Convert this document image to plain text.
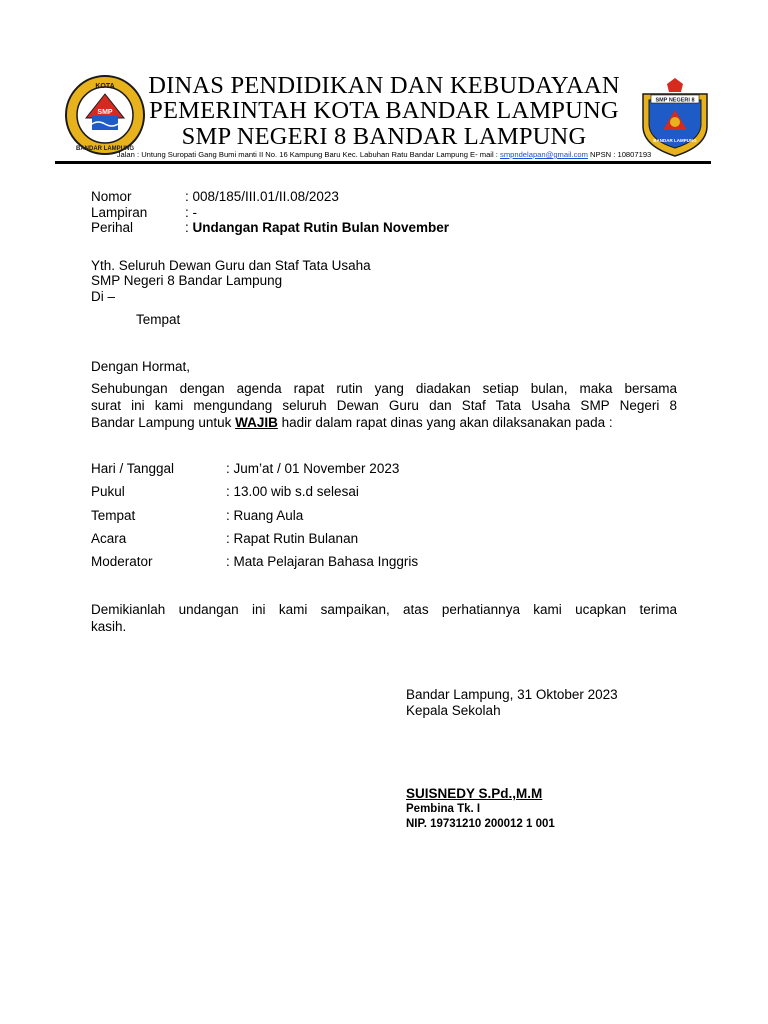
KOTA
SMP
BANDAR LAMPUNG
SMP NEGERI 8
BANDAR LAMPUNG
DINAS PENDIDIKAN DAN KEBUDAYAAN
PEMERINTAH KOTA BANDAR LAMPUNG
SMP NEGERI 8 BANDAR LAMPUNG
Jalan : Untung Suropati Gang Bumi manti II No. 16 Kampung Baru Kec. Labuhan Ratu Bandar Lampung E- mail : smpndelapan@gmail.com NPSN : 10807193
Nomor	: 008/185/III.01/II.08/2023
Lampiran	: -
Perihal	: Undangan Rapat Rutin Bulan November
Yth. Seluruh Dewan Guru dan Staf Tata Usaha
SMP Negeri 8 Bandar Lampung
Di –
Tempat
Dengan Hormat,
Sehubungan dengan agenda rapat rutin yang diadakan setiap bulan, maka bersama
surat ini kami mengundang seluruh Dewan Guru dan Staf Tata Usaha SMP Negeri 8
Bandar Lampung untuk WAJIB hadir dalam rapat dinas yang akan dilaksanakan pada :
Hari / Tanggal	: Jum’at / 01 November 2023
Pukul	: 13.00 wib s.d selesai
Tempat	: Ruang Aula
Acara	: Rapat Rutin Bulanan
Moderator	: Mata Pelajaran Bahasa Inggris
Demikianlah undangan ini kami sampaikan, atas perhatiannya kami ucapkan terima
kasih.
Bandar Lampung, 31 Oktober 2023
Kepala Sekolah
SUISNEDY S.Pd.,M.M
Pembina Tk. I
NIP. 19731210 200012 1 001
